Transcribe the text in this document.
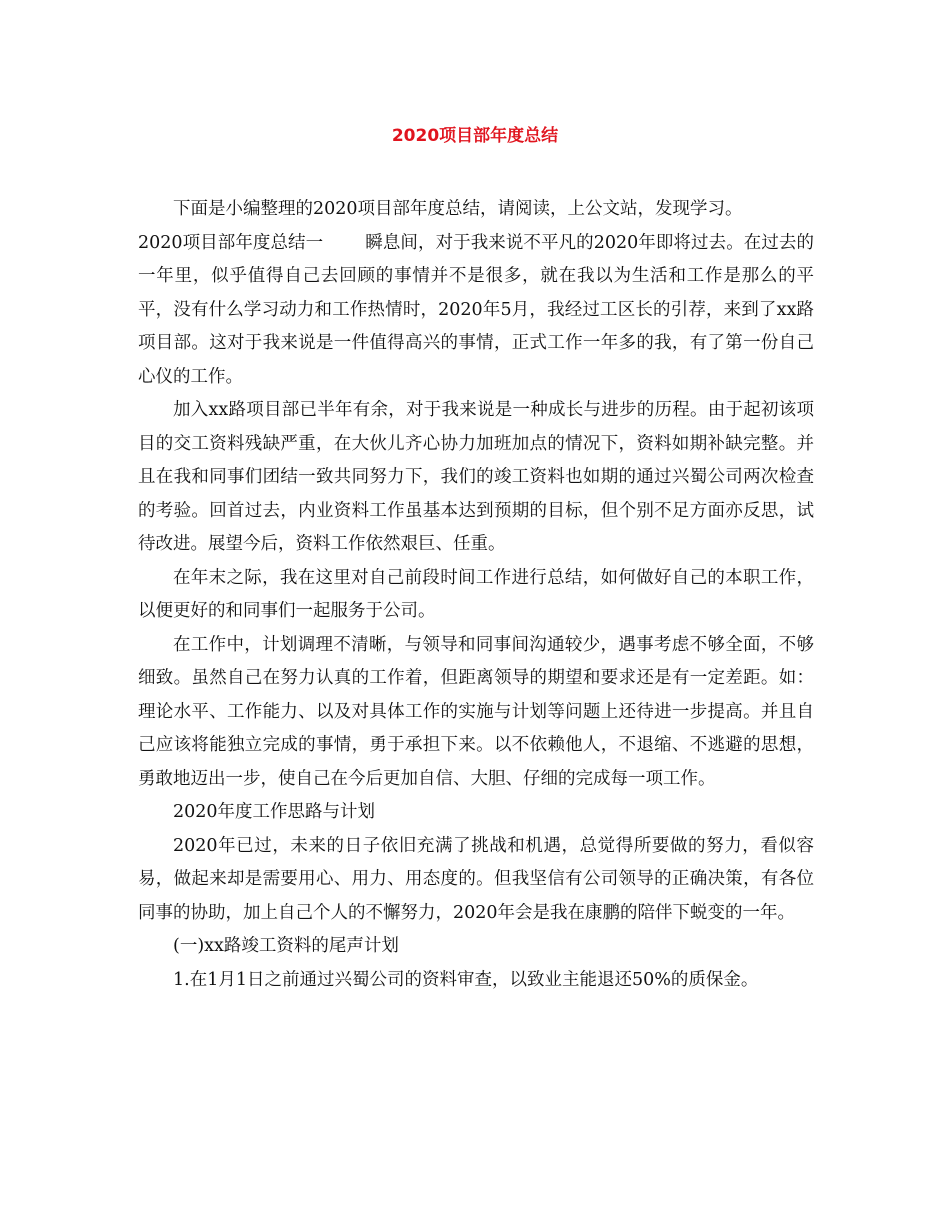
2020项目部年度总结

下面是小编整理的2020项目部年度总结，请阅读，上公文站，发现学习。

2020项目部年度总结一 瞬息间，对于我来说不平凡的2020年即将过去。在过去的一年里，似乎值得自己去回顾的事情并不是很多，就在我以为生活和工作是那么的平平，没有什么学习动力和工作热情时，2020年5月，我经过工区长的引荐，来到了xx路项目部。这对于我来说是一件值得高兴的事情，正式工作一年多的我，有了第一份自己心仪的工作。

加入xx路项目部已半年有余，对于我来说是一种成长与进步的历程。由于起初该项目的交工资料残缺严重，在大伙儿齐心协力加班加点的情况下，资料如期补缺完整。并且在我和同事们团结一致共同努力下，我们的竣工资料也如期的通过兴蜀公司两次检查的考验。回首过去，内业资料工作虽基本达到预期的目标，但个别不足方面亦反思，试待改进。展望今后，资料工作依然艰巨、任重。

在年末之际，我在这里对自己前段时间工作进行总结，如何做好自己的本职工作，以便更好的和同事们一起服务于公司。

在工作中，计划调理不清晰，与领导和同事间沟通较少，遇事考虑不够全面，不够细致。虽然自己在努力认真的工作着，但距离领导的期望和要求还是有一定差距。如：理论水平、工作能力、以及对具体工作的实施与计划等问题上还待进一步提高。并且自己应该将能独立完成的事情，勇于承担下来。以不依赖他人，不退缩、不逃避的思想，勇敢地迈出一步，使自己在今后更加自信、大胆、仔细的完成每一项工作。

2020年度工作思路与计划

2020年已过，未来的日子依旧充满了挑战和机遇，总觉得所要做的努力，看似容易，做起来却是需要用心、用力、用态度的。但我坚信有公司领导的正确决策，有各位同事的协助，加上自己个人的不懈努力，2020年会是我在康鹏的陪伴下蜕变的一年。

(一)xx路竣工资料的尾声计划

1.在1月1日之前通过兴蜀公司的资料审查，以致业主能退还50%的质保金。
